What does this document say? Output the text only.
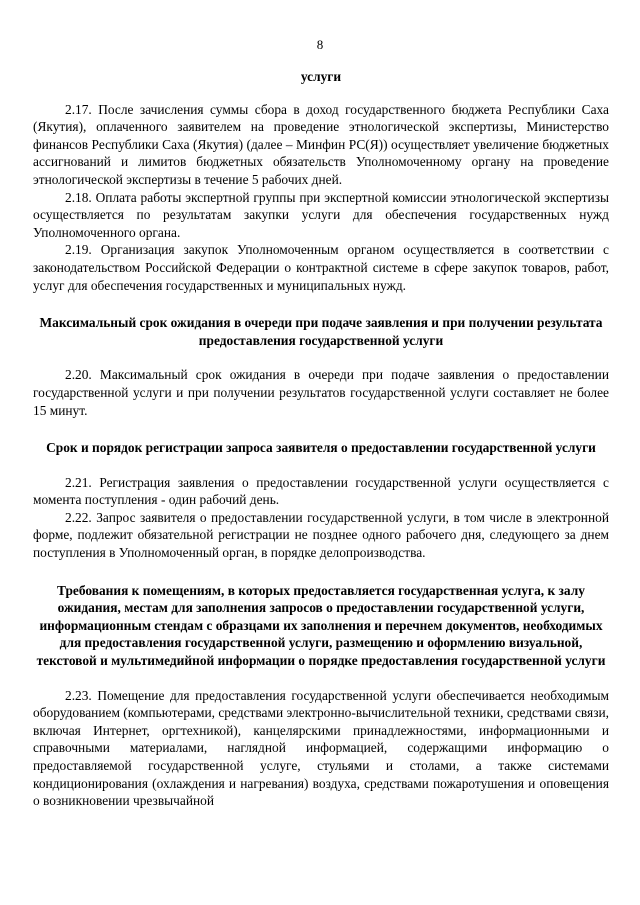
8
услуги

2.17. После зачисления суммы сбора в доход государственного бюджета Республики Саха (Якутия), оплаченного заявителем на проведение этнологической экспертизы, Министерство финансов Республики Саха (Якутия) (далее – Минфин РС(Я)) осуществляет увеличение бюджетных ассигнований и лимитов бюджетных обязательств Уполномоченному органу на проведение этнологической экспертизы в течение 5 рабочих дней.

2.18. Оплата работы экспертной группы при экспертной комиссии этнологической экспертизы осуществляется по результатам закупки услуги для обеспечения государственных нужд Уполномоченного органа.

2.19. Организация закупок Уполномоченным органом осуществляется в соответствии с законодательством Российской Федерации о контрактной системе в сфере закупок товаров, работ, услуг для обеспечения государственных и муниципальных нужд.

Максимальный срок ожидания в очереди при подаче заявления и при получении результата предоставления государственной услуги

2.20. Максимальный срок ожидания в очереди при подаче заявления о предоставлении государственной услуги и при получении результатов государственной услуги составляет не более 15 минут.

Срок и порядок регистрации запроса заявителя о предоставлении государственной услуги

2.21. Регистрация заявления о предоставлении государственной услуги осуществляется с момента поступления - один рабочий день.

2.22. Запрос заявителя о предоставлении государственной услуги, в том числе в электронной форме, подлежит обязательной регистрации не позднее одного рабочего дня, следующего за днем поступления в Уполномоченный орган, в порядке делопроизводства.

Требования к помещениям, в которых предоставляется государственная услуга, к залу ожидания, местам для заполнения запросов о предоставлении государственной услуги, информационным стендам с образцами их заполнения и перечнем документов, необходимых для предоставления государственной услуги, размещению и оформлению визуальной, текстовой и мультимедийной информации о порядке предоставления государственной услуги

2.23. Помещение для предоставления государственной услуги обеспечивается необходимым оборудованием (компьютерами, средствами электронно-вычислительной техники, средствами связи, включая Интернет, оргтехникой), канцелярскими принадлежностями, информационными и справочными материалами, наглядной информацией, содержащими информацию о предоставляемой государственной услуге, стульями и столами, а также системами кондиционирования (охлаждения и нагревания) воздуха, средствами пожаротушения и оповещения о возникновении чрезвычайной
